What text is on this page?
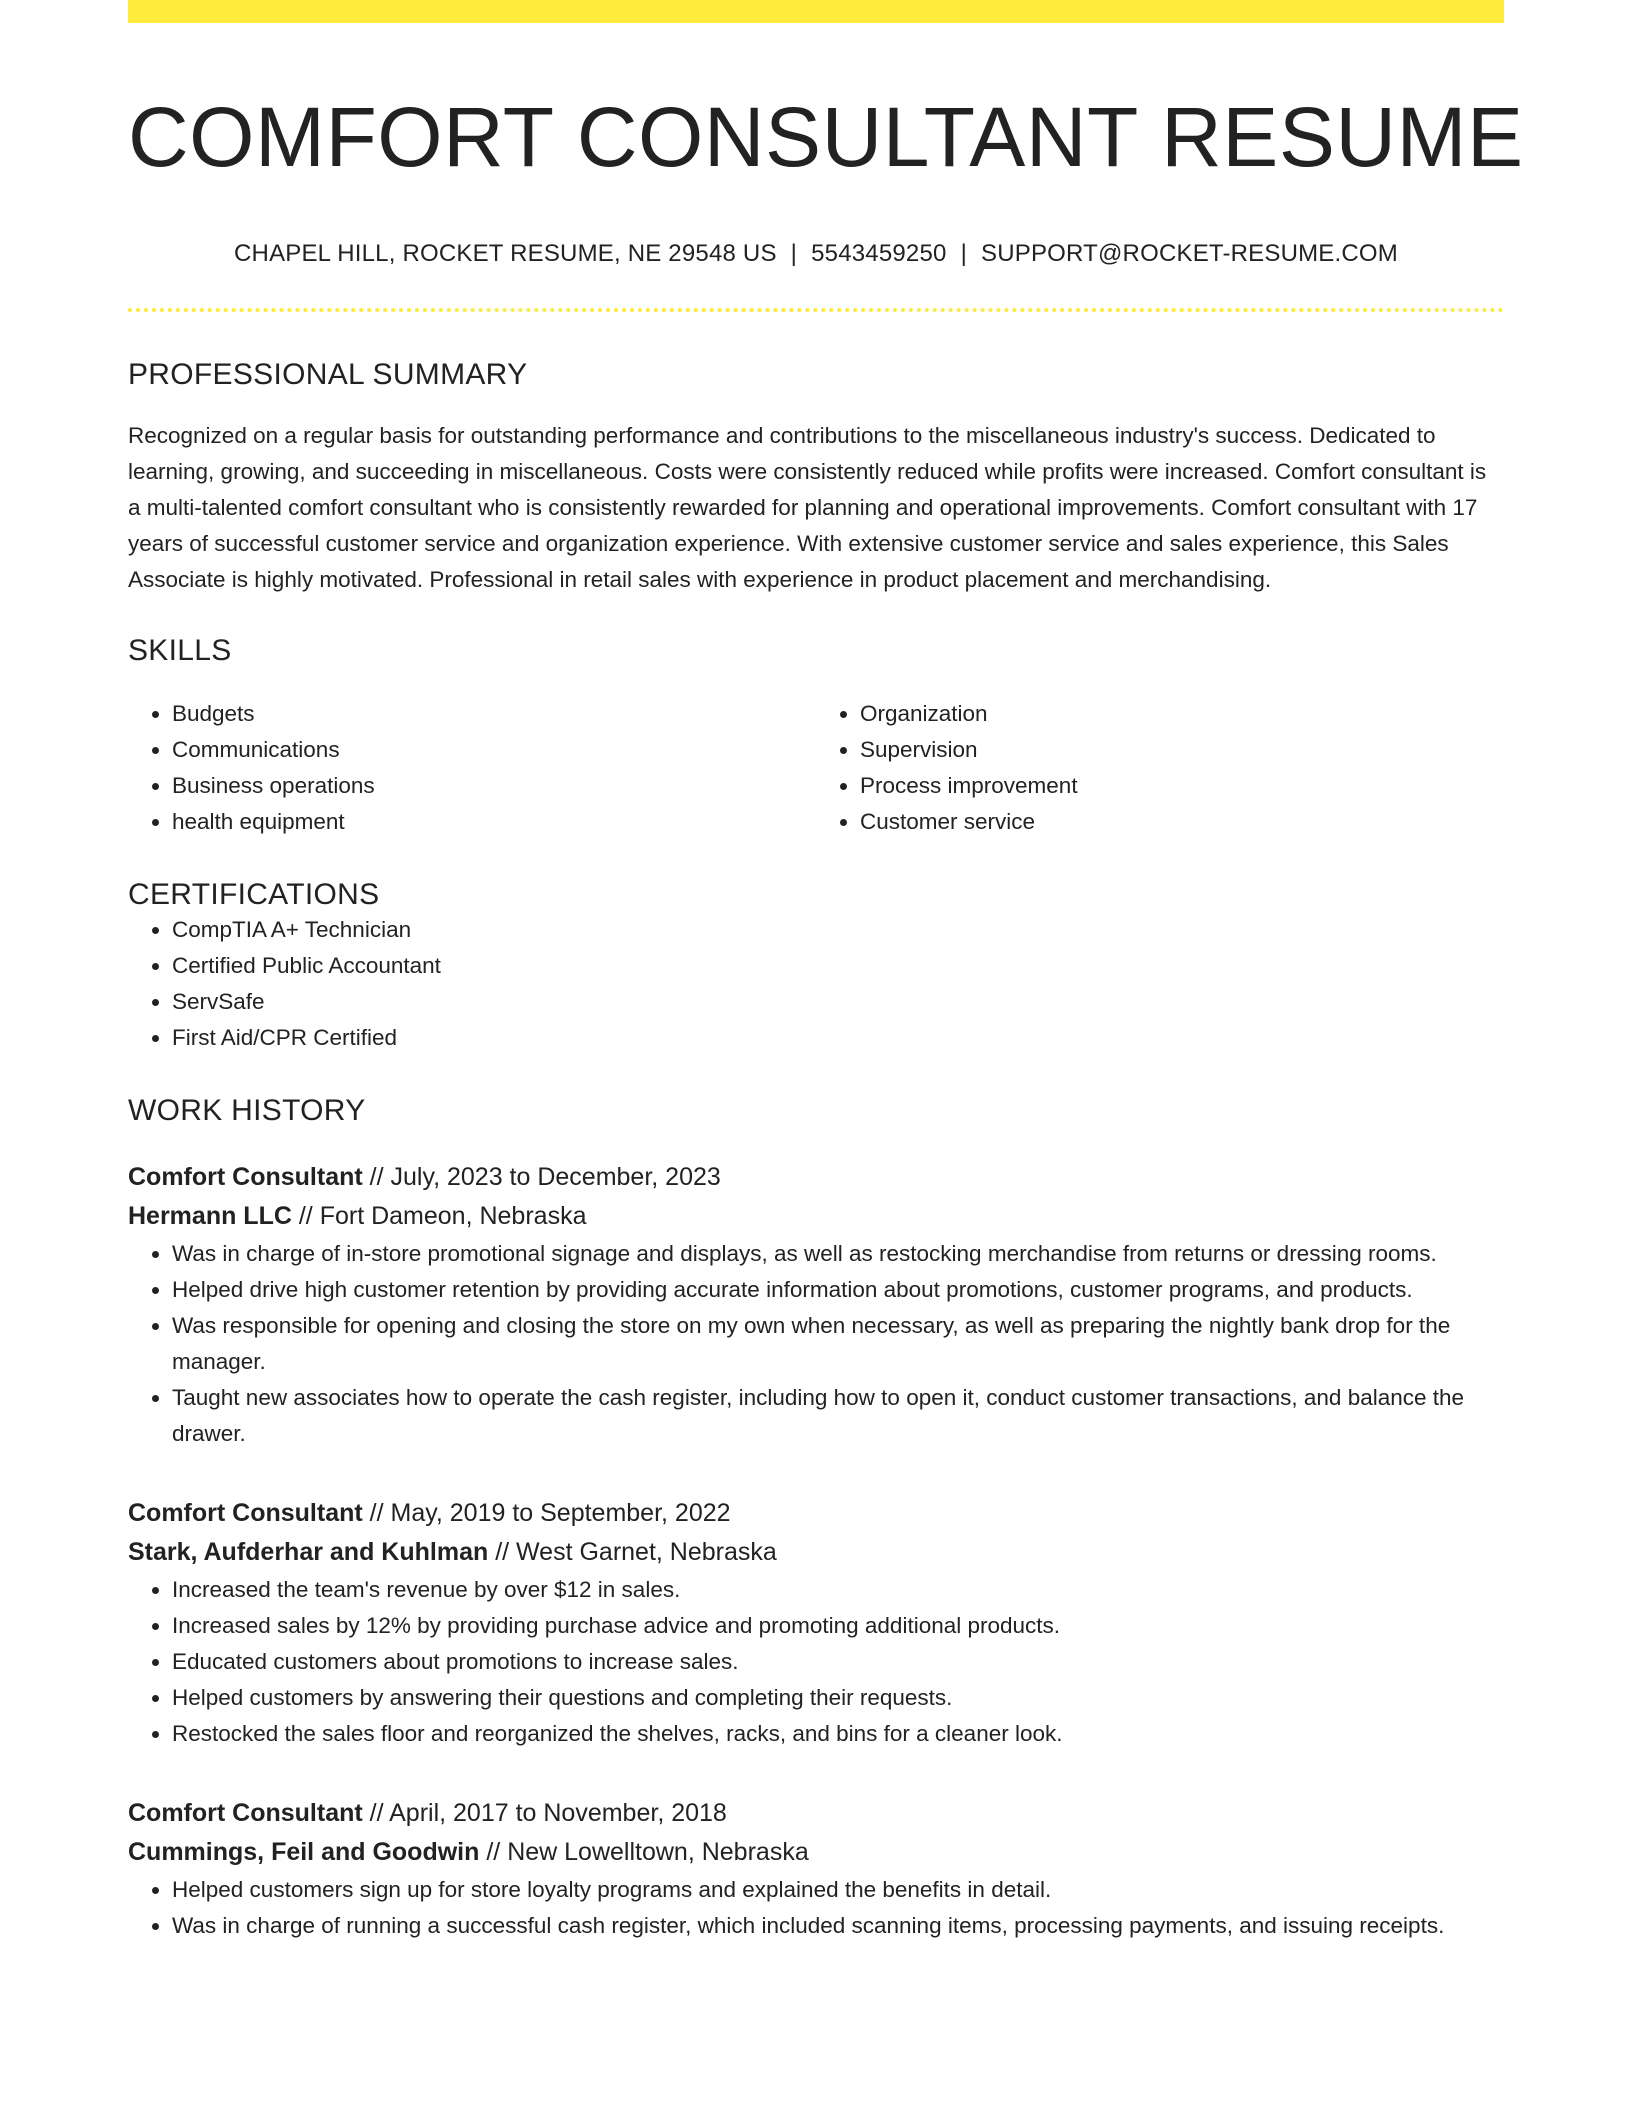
COMFORT CONSULTANT RESUME
CHAPEL HILL, ROCKET RESUME, NE 29548 US | 5543459250 | SUPPORT@ROCKET-RESUME.COM
PROFESSIONAL SUMMARY

Recognized on a regular basis for outstanding performance and contributions to the miscellaneous industry's success. Dedicated to learning, growing, and succeeding in miscellaneous. Costs were consistently reduced while profits were increased. Comfort consultant is a multi-talented comfort consultant who is consistently rewarded for planning and operational improvements. Comfort consultant with 17 years of successful customer service and organization experience. With extensive customer service and sales experience, this Sales Associate is highly motivated. Professional in retail sales with experience in product placement and merchandising.

SKILLS
• Budgets
• Communications
• Business operations
• health equipment
• Organization
• Supervision
• Process improvement
• Customer service
CERTIFICATIONS
• CompTIA A+ Technician
• Certified Public Accountant
• ServSafe
• First Aid/CPR Certified
WORK HISTORY
Comfort Consultant // July, 2023 to December, 2023
Hermann LLC // Fort Dameon, Nebraska
• Was in charge of in-store promotional signage and displays, as well as restocking merchandise from returns or dressing rooms.
• Helped drive high customer retention by providing accurate information about promotions, customer programs, and products.
• Was responsible for opening and closing the store on my own when necessary, as well as preparing the nightly bank drop for the manager.
• Taught new associates how to operate the cash register, including how to open it, conduct customer transactions, and balance the drawer.
Comfort Consultant // May, 2019 to September, 2022
Stark, Aufderhar and Kuhlman // West Garnet, Nebraska
• Increased the team's revenue by over $12 in sales.
• Increased sales by 12% by providing purchase advice and promoting additional products.
• Educated customers about promotions to increase sales.
• Helped customers by answering their questions and completing their requests.
• Restocked the sales floor and reorganized the shelves, racks, and bins for a cleaner look.
Comfort Consultant // April, 2017 to November, 2018
Cummings, Feil and Goodwin // New Lowelltown, Nebraska
• Helped customers sign up for store loyalty programs and explained the benefits in detail.
• Was in charge of running a successful cash register, which included scanning items, processing payments, and issuing receipts.
